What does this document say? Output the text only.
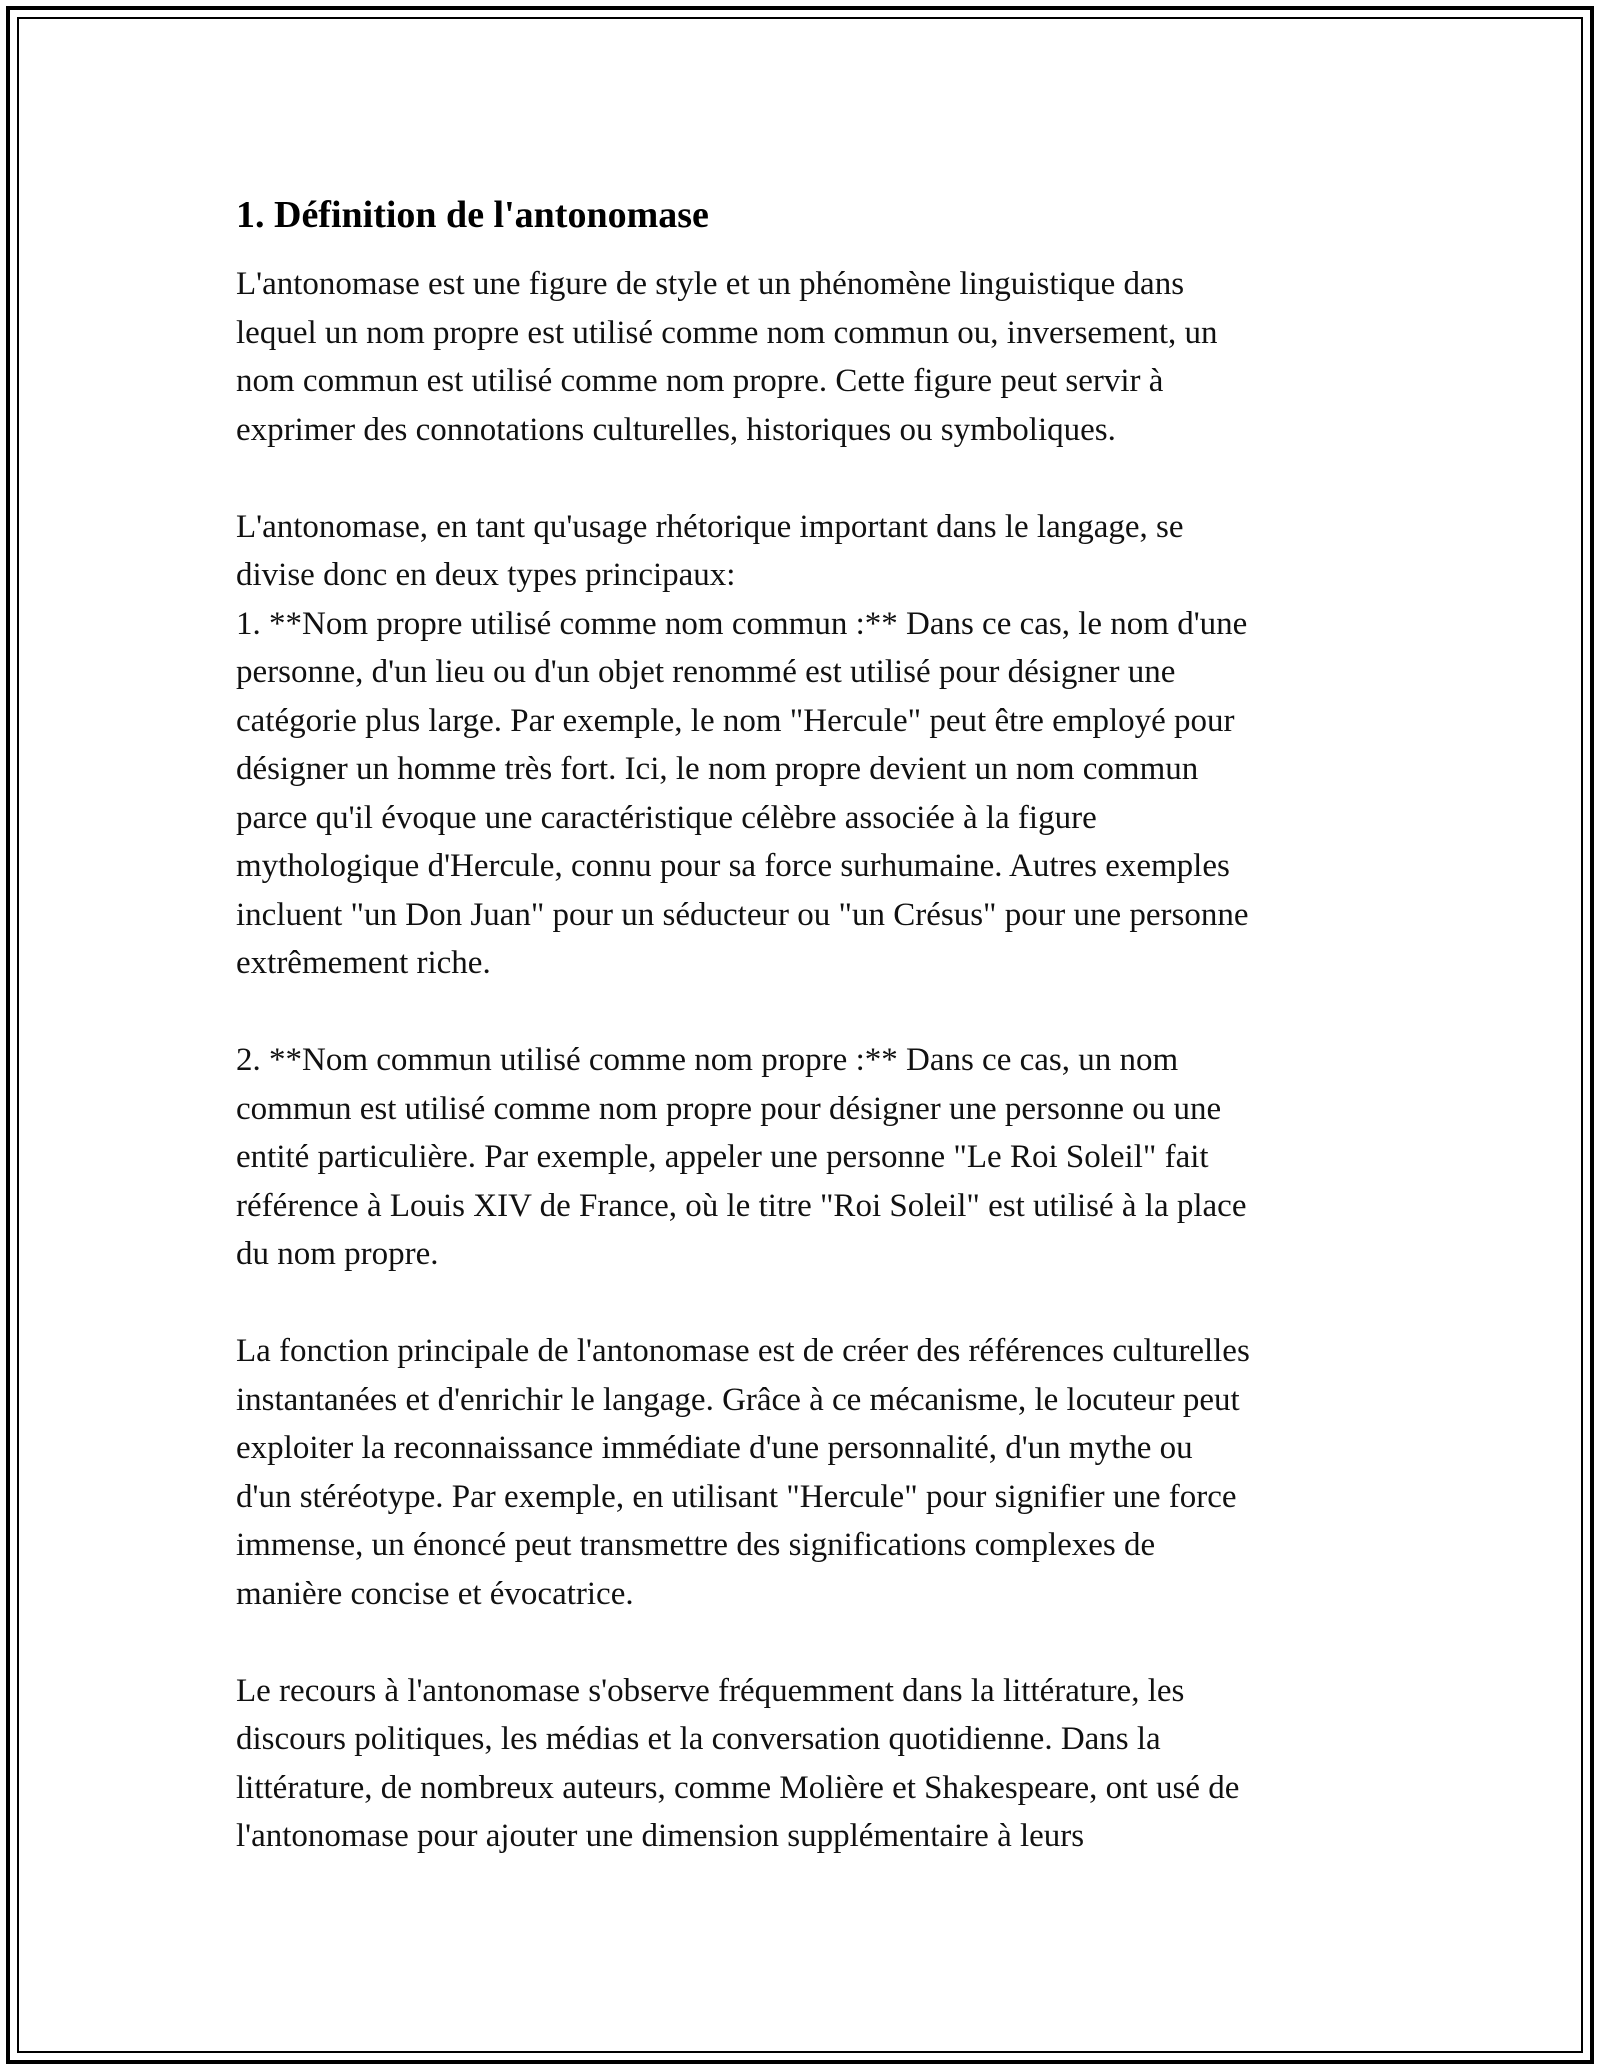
1. Définition de l'antonomase

L'antonomase est une figure de style et un phénomène linguistique dans
lequel un nom propre est utilisé comme nom commun ou, inversement, un
nom commun est utilisé comme nom propre. Cette figure peut servir à
exprimer des connotations culturelles, historiques ou symboliques.

L'antonomase, en tant qu'usage rhétorique important dans le langage, se
divise donc en deux types principaux:
1. **Nom propre utilisé comme nom commun :** Dans ce cas, le nom d'une
personne, d'un lieu ou d'un objet renommé est utilisé pour désigner une
catégorie plus large. Par exemple, le nom "Hercule" peut être employé pour
désigner un homme très fort. Ici, le nom propre devient un nom commun
parce qu'il évoque une caractéristique célèbre associée à la figure
mythologique d'Hercule, connu pour sa force surhumaine. Autres exemples
incluent "un Don Juan" pour un séducteur ou "un Crésus" pour une personne
extrêmement riche.

2. **Nom commun utilisé comme nom propre :** Dans ce cas, un nom
commun est utilisé comme nom propre pour désigner une personne ou une
entité particulière. Par exemple, appeler une personne "Le Roi Soleil" fait
référence à Louis XIV de France, où le titre "Roi Soleil" est utilisé à la place
du nom propre.

La fonction principale de l'antonomase est de créer des références culturelles
instantanées et d'enrichir le langage. Grâce à ce mécanisme, le locuteur peut
exploiter la reconnaissance immédiate d'une personnalité, d'un mythe ou
d'un stéréotype. Par exemple, en utilisant "Hercule" pour signifier une force
immense, un énoncé peut transmettre des significations complexes de
manière concise et évocatrice.

Le recours à l'antonomase s'observe fréquemment dans la littérature, les
discours politiques, les médias et la conversation quotidienne. Dans la
littérature, de nombreux auteurs, comme Molière et Shakespeare, ont usé de
l'antonomase pour ajouter une dimension supplémentaire à leurs
